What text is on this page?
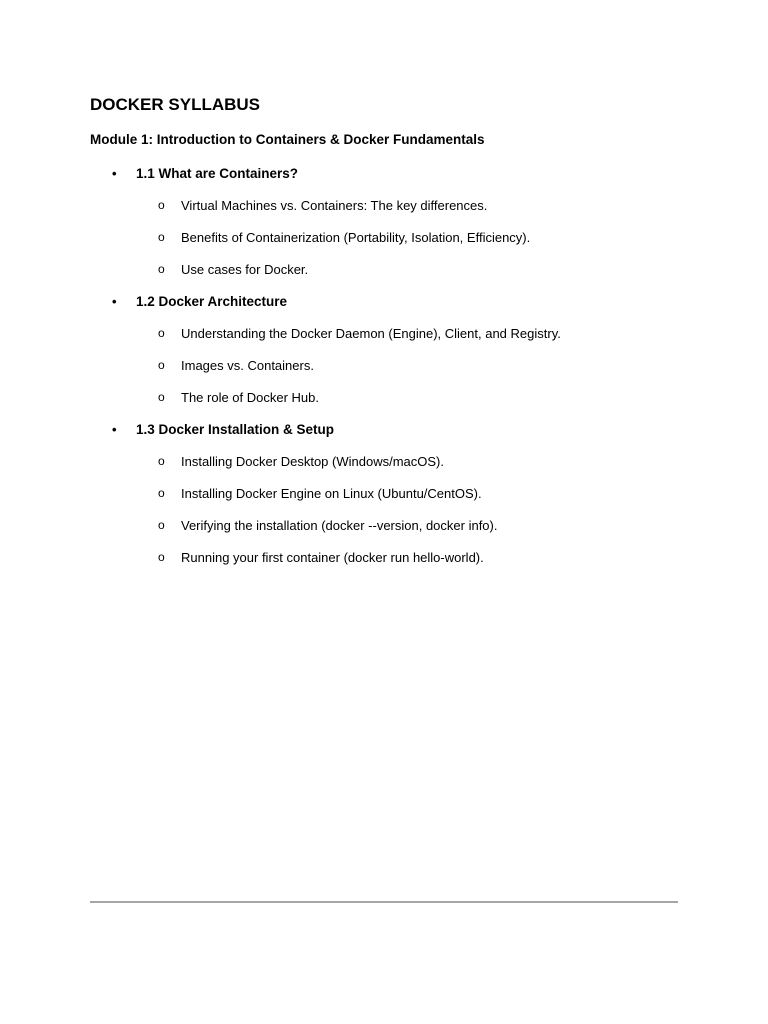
DOCKER SYLLABUS
Module 1: Introduction to Containers & Docker Fundamentals
•	1.1 What are Containers?
o Virtual Machines vs. Containers: The key differences.
o Benefits of Containerization (Portability, Isolation, Efficiency).
o Use cases for Docker.
•	1.2 Docker Architecture
o Understanding the Docker Daemon (Engine), Client, and Registry.
o Images vs. Containers.
o The role of Docker Hub.
•	1.3 Docker Installation & Setup
o Installing Docker Desktop (Windows/macOS).
o Installing Docker Engine on Linux (Ubuntu/CentOS).
o Verifying the installation (docker --version, docker info).
o Running your first container (docker run hello-world).
